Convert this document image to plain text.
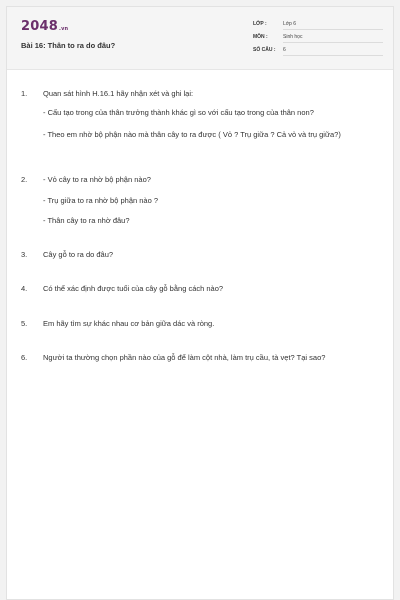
2048.vn
Bài 16: Thân to ra do đâu?
LỚP :	Lớp 6
MÔN :	Sinh học
SỐ CÂU : 6
1. Quan sát hình H.16.1 hãy nhận xét và ghi lại:
- Cấu tạo trong của thân trưởng thành khác gì so với cấu tạo trong của thân non?
- Theo em nhờ bộ phận nào mà thân cây to ra được ( Vỏ ? Trụ giữa ? Cả vỏ và trụ giữa?)
2. - Vỏ cây to ra nhờ bộ phận nào?
- Trụ giữa to ra nhờ bộ phận nào ?
- Thân cây to ra nhờ đâu?
3. Cây gỗ to ra do đâu?
4. Có thể xác định được tuổi của cây gỗ bằng cách nào?
5. Em hãy tìm sự khác nhau cơ bản giữa dác và ròng.
6. Người ta thường chọn phần nào của gỗ để làm cột nhà, làm trụ cầu, tà vẹt? Tại sao?
